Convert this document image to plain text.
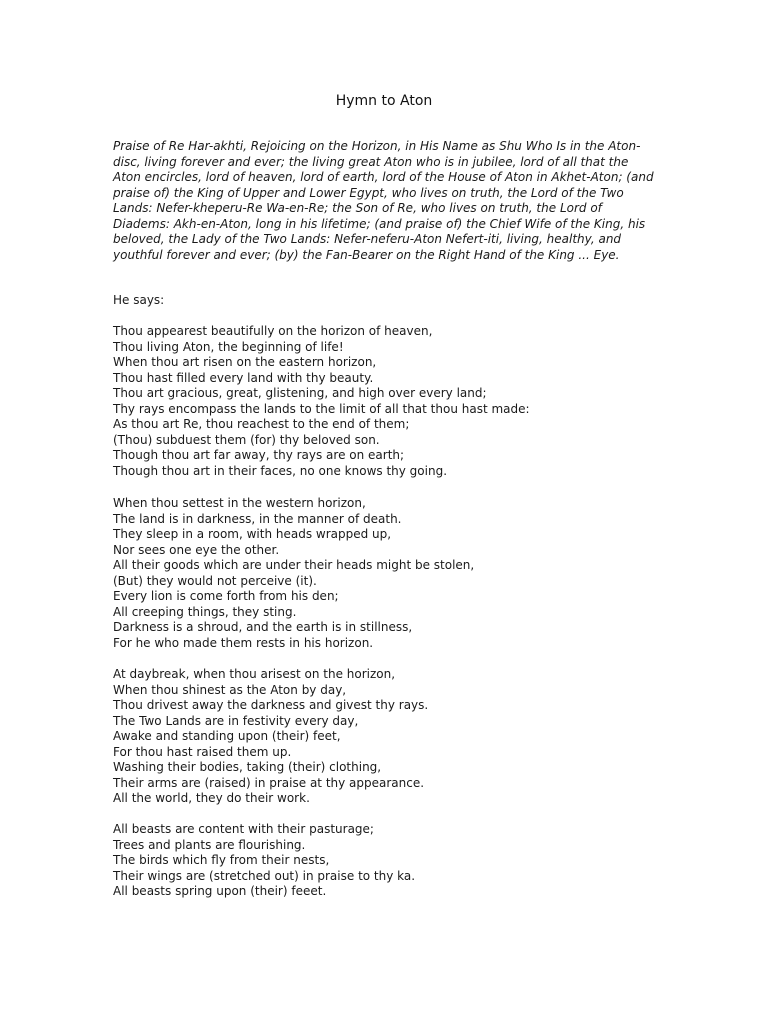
Hymn to Aton

Praise of Re Har-akhti, Rejoicing on the Horizon, in His Name as Shu Who Is in the Aton-disc, living forever and ever; the living great Aton who is in jubilee, lord of all that the Aton encircles, lord of heaven, lord of earth, lord of the House of Aton in Akhet-Aton; (and praise of) the King of Upper and Lower Egypt, who lives on truth, the Lord of the Two Lands: Nefer-kheperu-Re Wa-en-Re; the Son of Re, who lives on truth, the Lord of Diadems: Akh-en-Aton, long in his lifetime; (and praise of) the Chief Wife of the King, his beloved, the Lady of the Two Lands: Nefer-neferu-Aton Nefert-iti, living, healthy, and youthful forever and ever; (by) the Fan-Bearer on the Right Hand of the King ... Eye.

He says:

Thou appearest beautifully on the horizon of heaven,
Thou living Aton, the beginning of life!
When thou art risen on the eastern horizon,
Thou hast filled every land with thy beauty.
Thou art gracious, great, glistening, and high over every land;
Thy rays encompass the lands to the limit of all that thou hast made:
As thou art Re, thou reachest to the end of them;
(Thou) subduest them (for) thy beloved son.
Though thou art far away, thy rays are on earth;
Though thou art in their faces, no one knows thy going.
When thou settest in the western horizon,
The land is in darkness, in the manner of death.
They sleep in a room, with heads wrapped up,
Nor sees one eye the other.
All their goods which are under their heads might be stolen,
(But) they would not perceive (it).
Every lion is come forth from his den;
All creeping things, they sting.
Darkness is a shroud, and the earth is in stillness,
For he who made them rests in his horizon.
At daybreak, when thou arisest on the horizon,
When thou shinest as the Aton by day,
Thou drivest away the darkness and givest thy rays.
The Two Lands are in festivity every day,
Awake and standing upon (their) feet,
For thou hast raised them up.
Washing their bodies, taking (their) clothing,
Their arms are (raised) in praise at thy appearance.
All the world, they do their work.
All beasts are content with their pasturage;
Trees and plants are flourishing.
The birds which fly from their nests,
Their wings are (stretched out) in praise to thy ka.
All beasts spring upon (their) feeet.
